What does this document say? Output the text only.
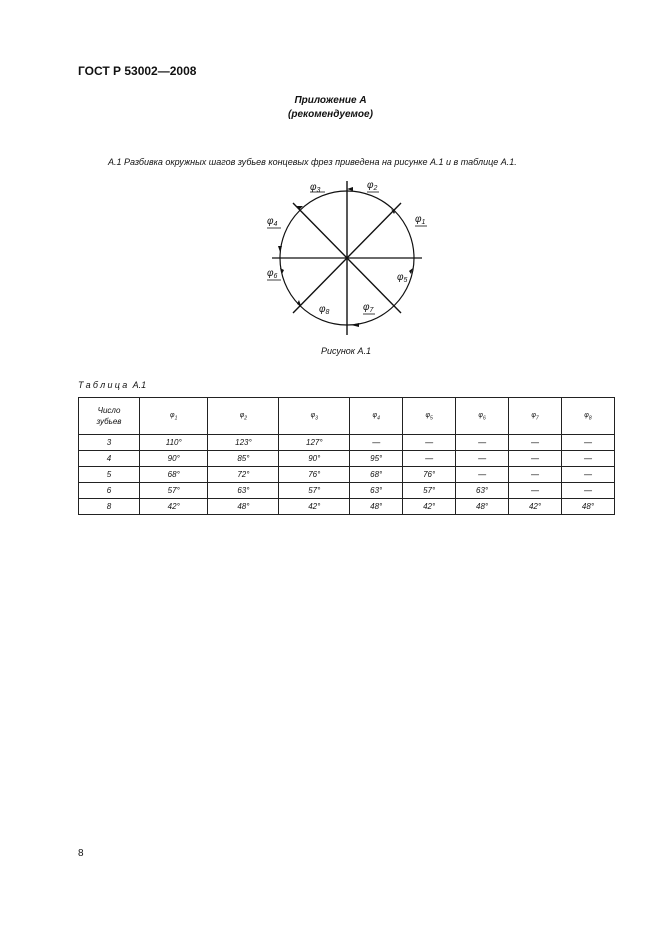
ГОСТ Р 53002—2008
Приложение А
(рекомендуемое)
А.1 Разбивка окружных шагов зубьев концевых фрез приведена на рисунке А.1 и в таблице А.1.
$\varphi_3$	$\varphi_2$
$\varphi_1$
$\varphi_4$
$\varphi_6$	$\varphi_5$
$\varphi_8$	$\varphi_7$
Рисунок А.1
Таблица А.1
Число
зубьев	$\varphi_1$	$\varphi_2$	$\varphi_3$	$\varphi_4$	$\varphi_5$	$\varphi_6$	$\varphi_7$	$\varphi_8$
3	110°	123°	127°	—	—	—	—	—
4	90°	85°	90°	95°	—	—	—	—
5	68°	72°	76°	68°	76°	—	—	—
6	57°	63°	57°	63°	57°	63°	—	—
8	42°	48°	42°	48°	42°	48°	42°	48°
8
